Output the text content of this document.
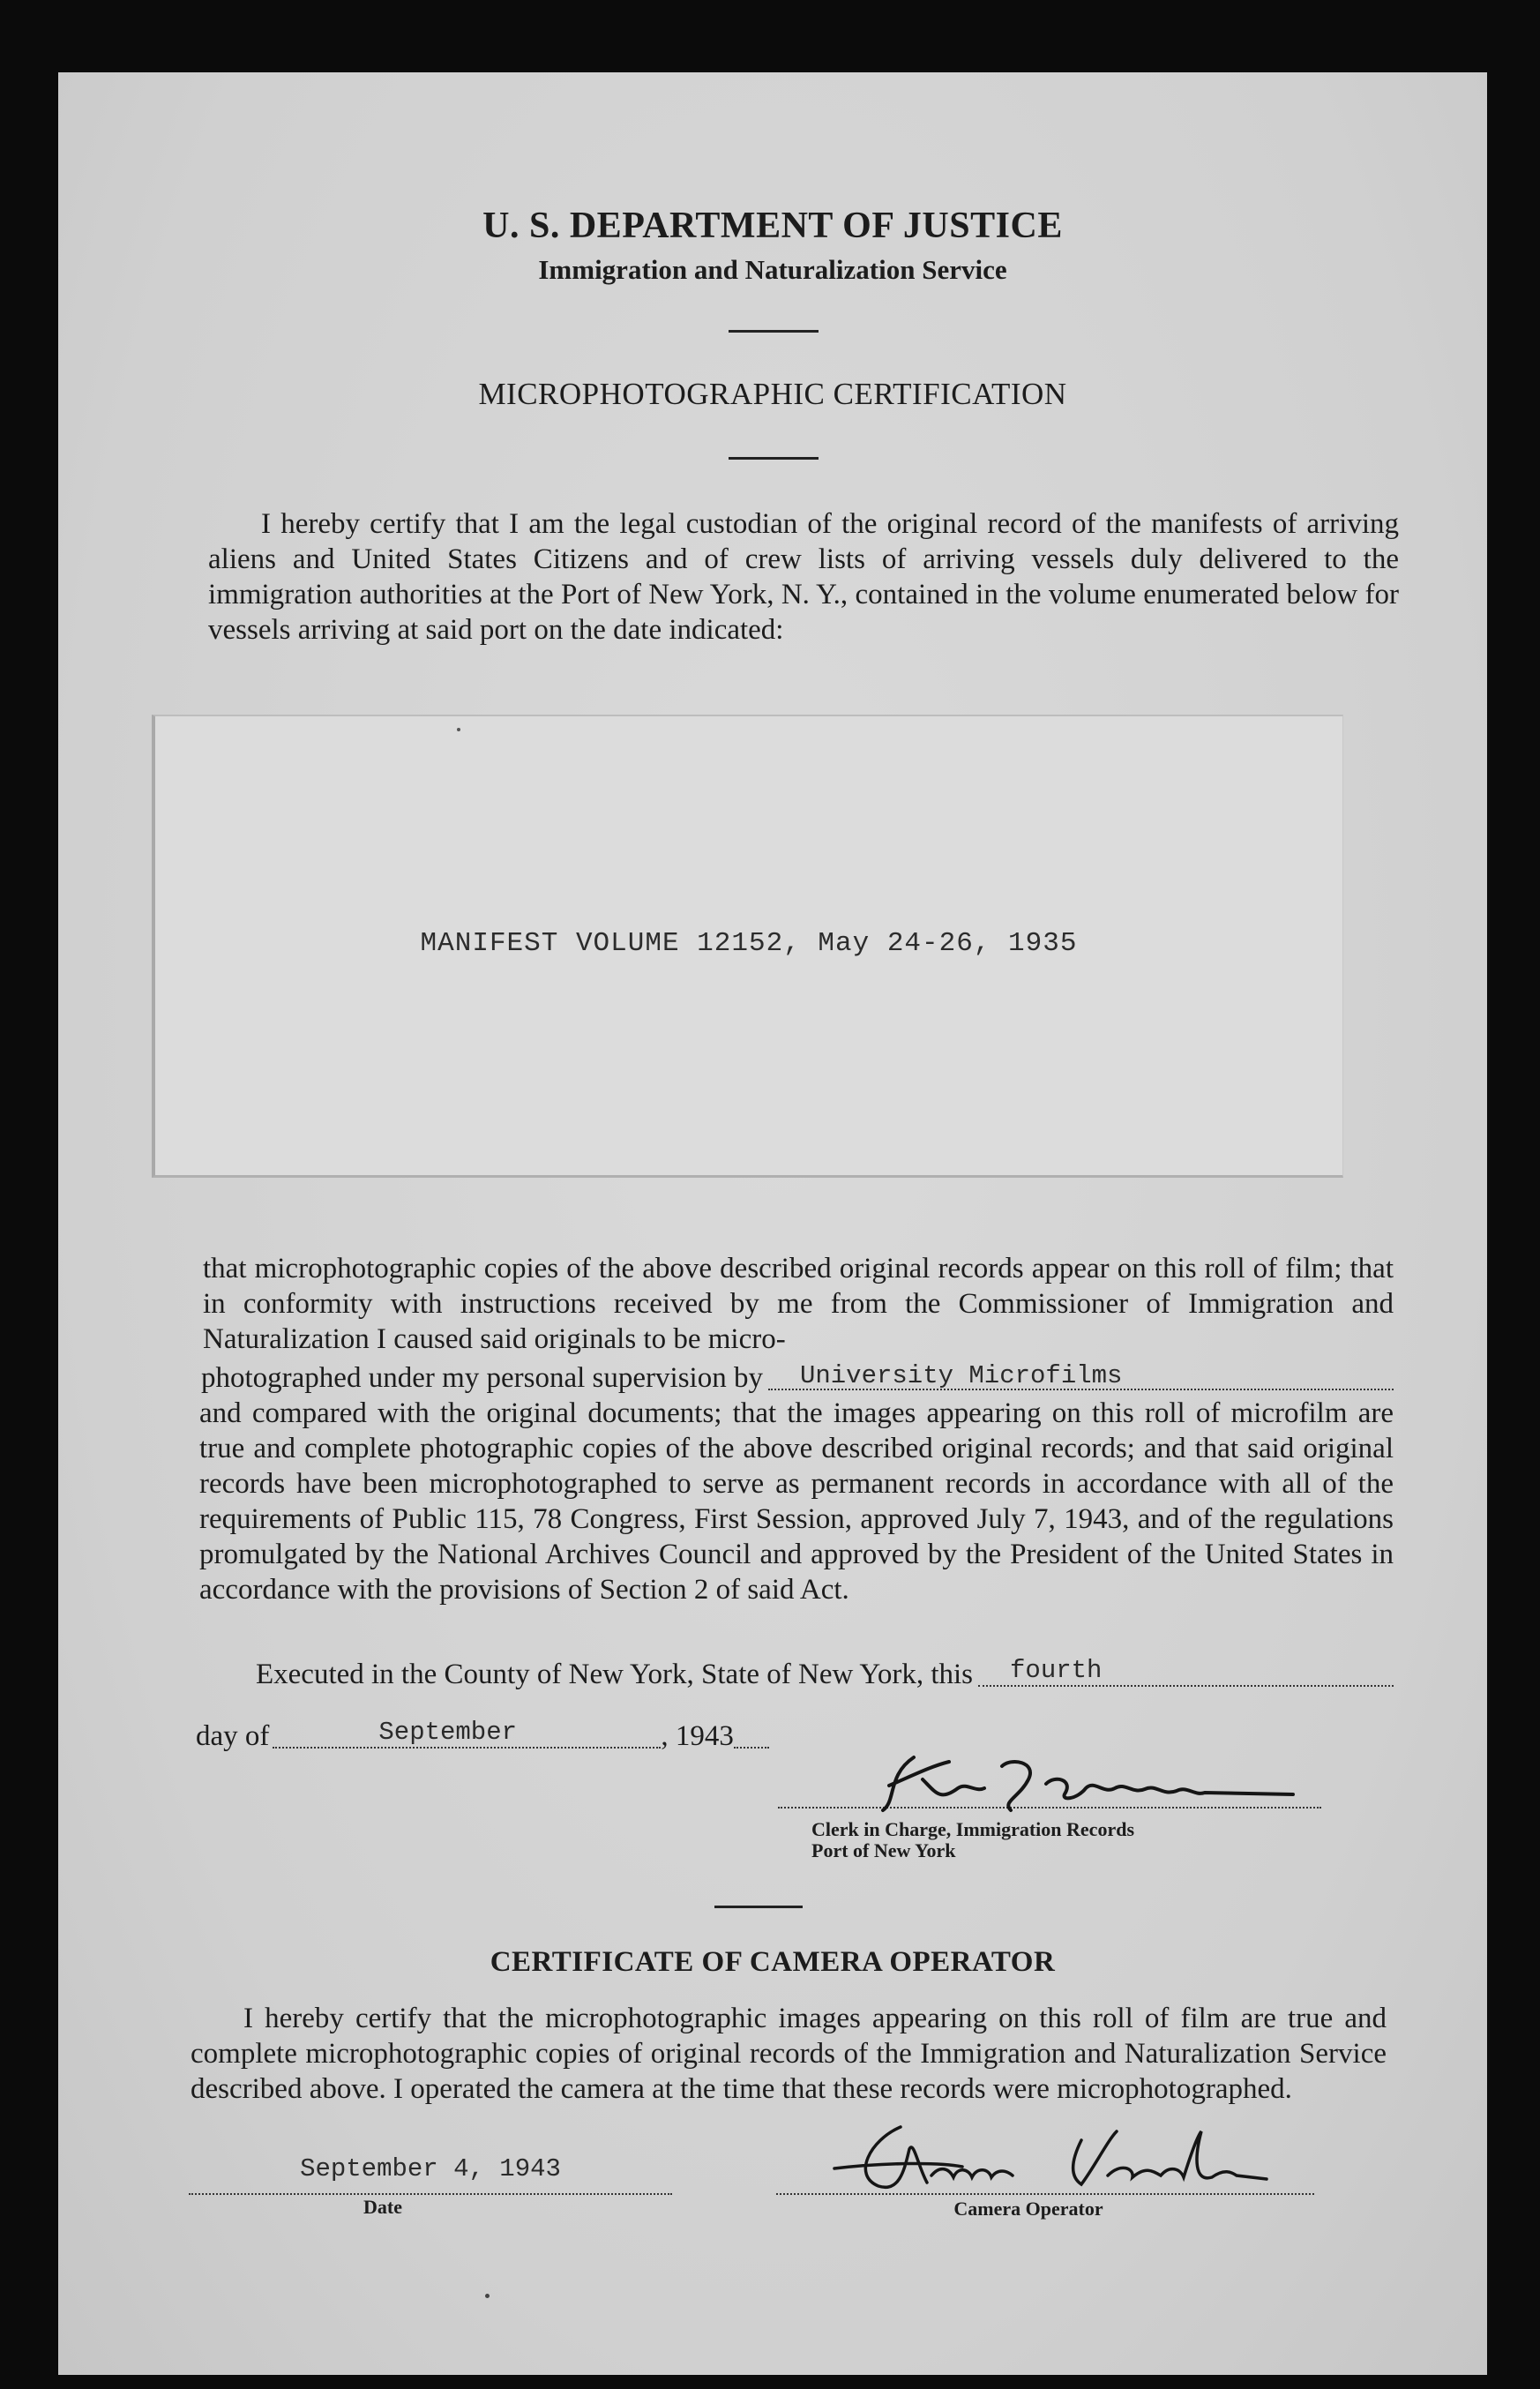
U. S. DEPARTMENT OF JUSTICE
Immigration and Naturalization Service
MICROPHOTOGRAPHIC CERTIFICATION
I hereby certify that I am the legal custodian of the original record of the manifests of arriving aliens and United States Citizens and of crew lists of arriving vessels duly delivered to the immigration authorities at the Port of New York, N. Y., contained in the volume enumerated below for vessels arriving at said port on the date indicated:
MANIFEST VOLUME 12152, May 24-26, 1935
that microphotographic copies of the above described original records appear on this roll of film; that in conformity with instructions received by me from the Commissioner of Immigration and Naturalization I caused said originals to be micro-
photographed under my personal supervision by University Microfilms
and compared with the original documents; that the images appearing on this roll of microfilm are true and complete photographic copies of the above described original records; and that said original records have been microphotographed to serve as permanent records in accordance with all of the requirements of Public 115, 78 Congress, First Session, approved July 7, 1943, and of the regulations promulgated by the National Archives Council and approved by the President of the United States in accordance with the provisions of Section 2 of said Act.
Executed in the County of New York, State of New York, this fourth
day of	September	, 1943
Clerk in Charge, Immigration Records
Port of New York
CERTIFICATE OF CAMERA OPERATOR
I hereby certify that the microphotographic images appearing on this roll of film are true and complete microphotographic copies of original records of the Immigration and Naturalization Service described above. I operated the camera at the time that these records were microphotographed.
September 4, 1943
Date	Camera Operator
